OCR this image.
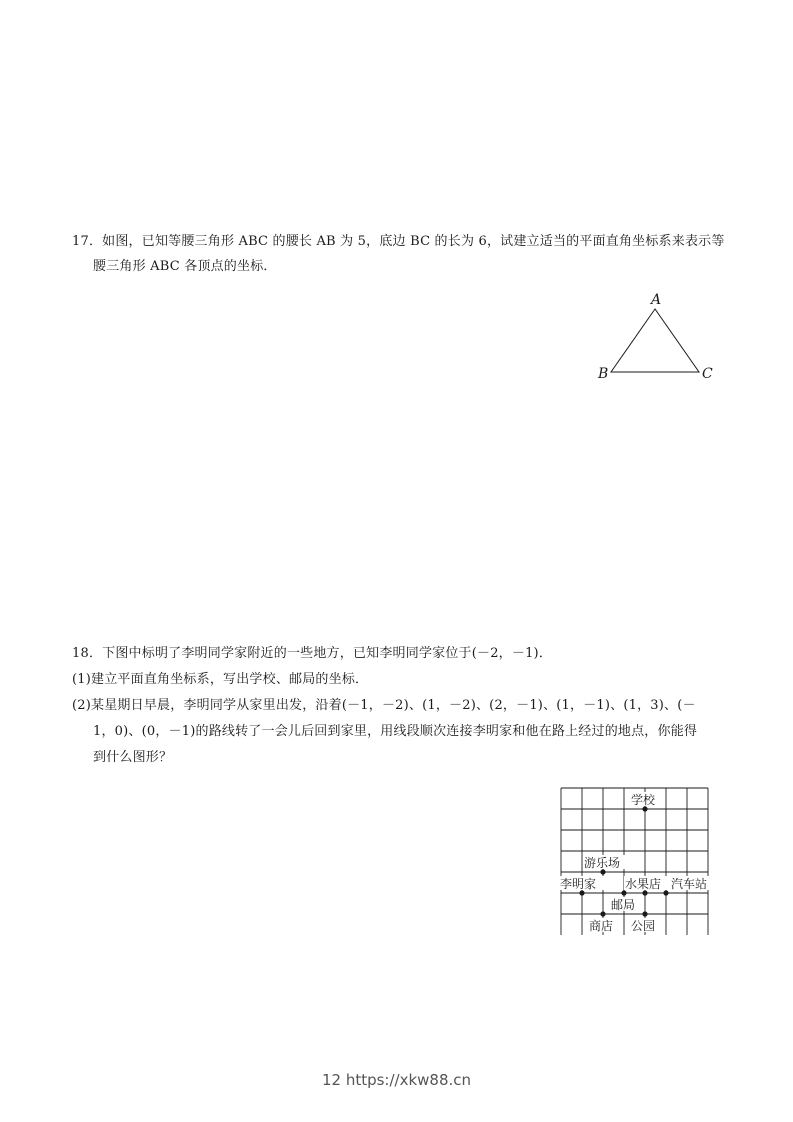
17．如图，已知等腰三角形 ABC 的腰长 AB 为 5，底边 BC 的长为 6，试建立适当的平面直角坐标系来表示等
腰三角形 ABC 各顶点的坐标．
A
B	C
18．下图中标明了李明同学家附近的一些地方，已知李明同学家位于(－2，－1)．
(1)建立平面直角坐标系，写出学校、邮局的坐标．
(2)某星期日早晨，李明同学从家里出发，沿着(－1，－2)、(1，－2)、(2，－1)、(1，－1)、(1，3)、(－
1，0)、(0，－1)的路线转了一会儿后回到家里，用线段顺次连接李明家和他在路上经过的地点，你能得
到什么图形？
学校
游乐场
李明家 水果店 汽车站
邮局
商店 公园
12 https://xkw88.cn
